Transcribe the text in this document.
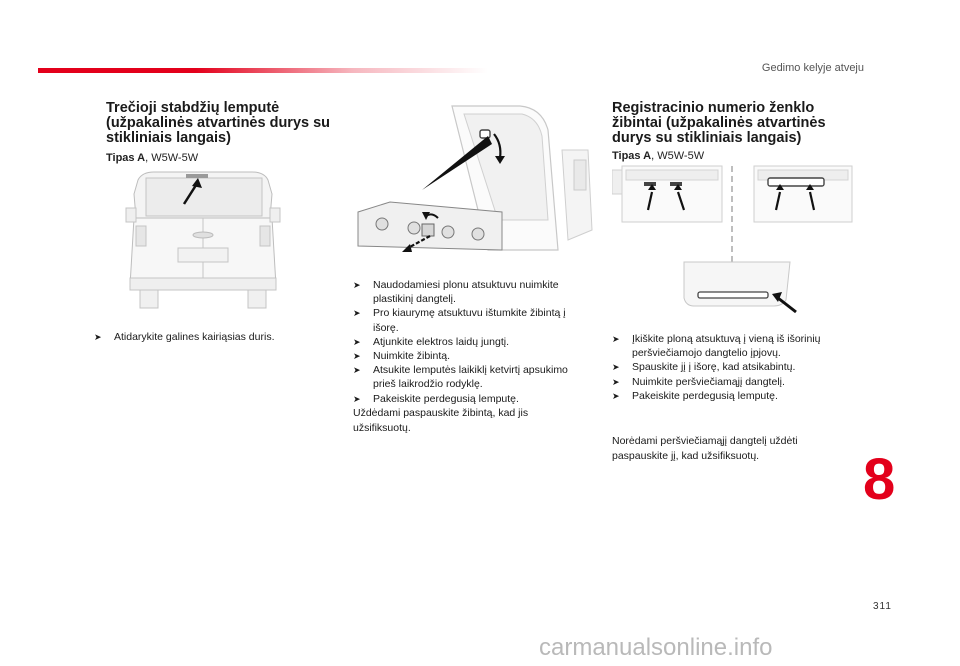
Gedimo kelyje atveju
Trečioji stabdžių lemputė
(užpakalinės atvartinės durys su
stikliniais langais)
Tipas A, W5W-5W
➤ Atidarykite galines kairiąsias duris.
➤ Naudodamiesi plonu atsuktuvu nuimkite
plastikinį dangtelį.
➤ Pro kiaurymę atsuktuvu ištumkite žibintą į
išorę.
➤ Atjunkite elektros laidų jungtį.
➤ Nuimkite žibintą.
➤ Atsukite lemputės laikiklį ketvirtį apsukimo
prieš laikrodžio rodyklę.
➤ Pakeiskite perdegusią lemputę.

Uždėdami paspauskite žibintą, kad jis
užsifiksuotų.

Registracinio numerio ženklo
žibintai (užpakalinės atvartinės
durys su stikliniais langais)
Tipas A, W5W-5W
➤ Įkiškite ploną atsuktuvą į vieną iš išorinių
peršviečiamojo dangtelio įpjovų.
➤ Spauskite jį į išorę, kad atsikabintų.
➤ Nuimkite peršviečiamąjį dangtelį.
➤ Pakeiskite perdegusią lemputę.

Norėdami peršviečiamąjį dangtelį uždėti
paspauskite jį, kad užsifiksuotų.	8
311
carmanualsonline.info
